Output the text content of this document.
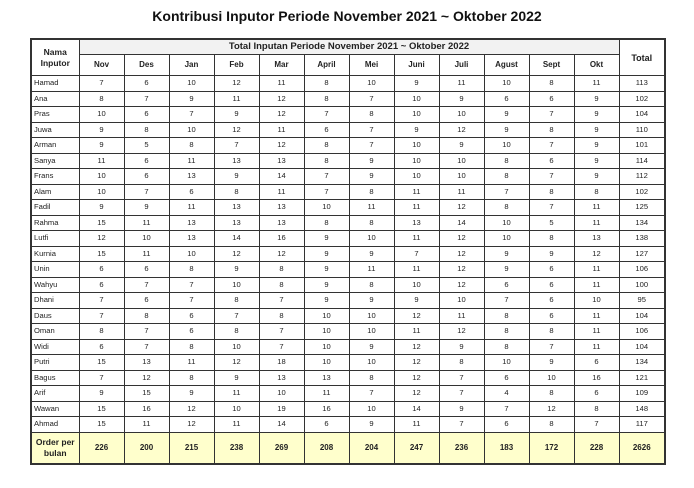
Kontribusi Inputor Periode November 2021 ~ Oktober 2022
Nama Inputor	Total Inputan Periode November 2021 ~ Oktober 2022												Total
	Nov	Des	Jan	Feb	Mar	April	Mei	Juni	Juli	Agust	Sept	Okt	
Hamad	7	6	10	12	11	8	10	9	11	10	8	11	113
Ana	8	7	9	11	12	8	7	10	9	6	6	9	102
Pras	10	6	7	9	12	7	8	10	10	9	7	9	104
Juwa	9	8	10	12	11	6	7	9	12	9	8	9	110
Arman	9	5	8	7	12	8	7	10	9	10	7	9	101
Sanya	11	6	11	13	13	8	9	10	10	8	6	9	114
Frans	10	6	13	9	14	7	9	10	10	8	7	9	112
Alam	10	7	6	8	11	7	8	11	11	7	8	8	102
Fadil	9	9	11	13	13	10	11	11	12	8	7	11	125
Rahma	15	11	13	13	13	8	8	13	14	10	5	11	134
Lutfi	12	10	13	14	16	9	10	11	12	10	8	13	138
Kurnia	15	11	10	12	12	9	9	7	12	9	9	12	127
Unin	6	6	8	9	8	9	11	11	12	9	6	11	106
Wahyu	6	7	7	10	8	9	8	10	12	6	6	11	100
Dhani	7	6	7	8	7	9	9	9	10	7	6	10	95
Daus	7	8	6	7	8	10	10	12	11	8	6	11	104
Oman	8	7	6	8	7	10	10	11	12	8	8	11	106
Widi	6	7	8	10	7	10	9	12	9	8	7	11	104
Putri	15	13	11	12	18	10	10	12	8	10	9	6	134
Bagus	7	12	8	9	13	13	8	12	7	6	10	16	121
Arif	9	15	9	11	10	11	7	12	7	4	8	6	109
Wawan	15	16	12	10	19	16	10	14	9	7	12	8	148
Ahmad	15	11	12	11	14	6	9	11	7	6	8	7	117
Order per bulan	226	200	215	238	269	208	204	247	236	183	172	228	2626
